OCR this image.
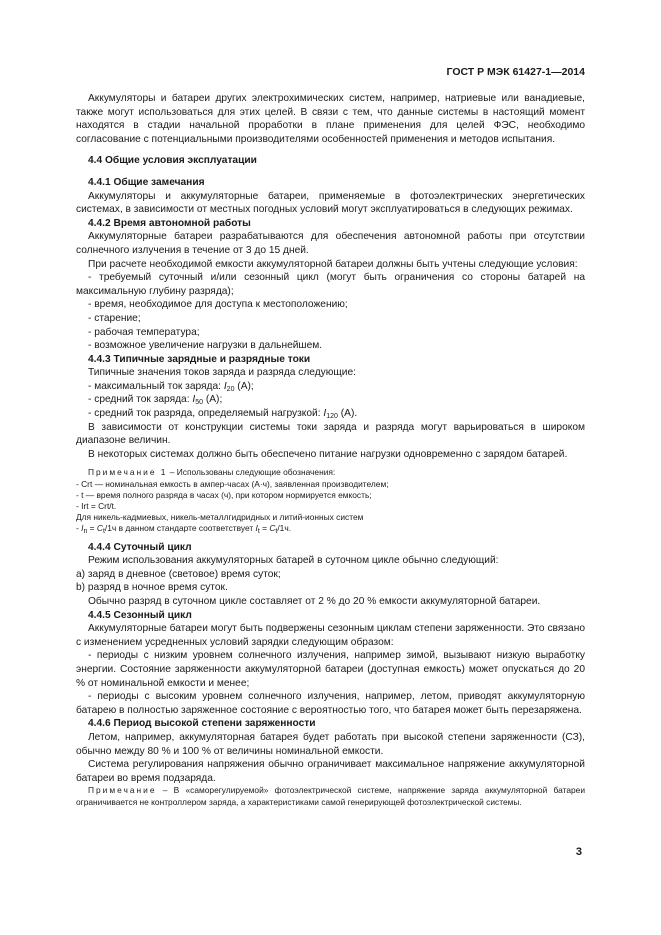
ГОСТ Р МЭК 61427-1—2014

Аккумуляторы и батареи других электрохимических систем, например, натриевые или ванадиевые, также могут использоваться для этих целей. В связи с тем, что данные системы в настоящий момент находятся в стадии начальной проработки в плане применения для целей ФЭС, необходимо согласование с потенциальными производителями особенностей применения и методов испытания.

4.4 Общие условия эксплуатации

4.4.1 Общие замечания

Аккумуляторы и аккумуляторные батареи, применяемые в фотоэлектрических энергетических системах, в зависимости от местных погодных условий могут эксплуатироваться в следующих режимах.

4.4.2 Время автономной работы

Аккумуляторные батареи разрабатываются для обеспечения автономной работы при отсутствии солнечного излучения в течение от 3 до 15 дней.

При расчете необходимой емкости аккумуляторной батареи должны быть учтены следующие условия:

- требуемый суточный и/или сезонный цикл (могут быть ограничения со стороны батарей на максимальную глубину разряда);

- время, необходимое для доступа к местоположению;

- старение;

- рабочая температура;

- возможное увеличение нагрузки в дальнейшем.

4.4.3 Типичные зарядные и разрядные токи

Типичные значения токов заряда и разряда следующие:

- максимальный ток заряда: $I_{20}$ (А);

- средний ток заряда: $I_{50}$ (А);

- средний ток разряда, определяемый нагрузкой: $I_{120}$ (А).

В зависимости от конструкции системы токи заряда и разряда могут варьироваться в широком диапазоне величин.

В некоторых системах должно быть обеспечено питание нагрузки одновременно с зарядом батарей.

Примечание 1 – Использованы следующие обозначения:

- Crt — номинальная емкость в ампер-часах (А·ч), заявленная производителем;

- t — время полного разряда в часах (ч), при котором нормируется емкость;

- Irt = Crt/t.

Для никель-кадмиевых, никель-металлгидридных и литий-ионных систем

- $I_n = C_t/1ч$ в данном стандарте соответствует $I_t = C_t/1ч$.

4.4.4 Суточный цикл

Режим использования аккумуляторных батарей в суточном цикле обычно следующий:

a) заряд в дневное (световое) время суток;

b) разряд в ночное время суток.

Обычно разряд в суточном цикле составляет от 2 % до 20 % емкости аккумуляторной батареи.

4.4.5 Сезонный цикл

Аккумуляторные батареи могут быть подвержены сезонным циклам степени заряженности. Это связано с изменением усредненных условий зарядки следующим образом:

- периоды с низким уровнем солнечного излучения, например зимой, вызывают низкую выработку энергии. Состояние заряженности аккумуляторной батареи (доступная емкость) может опускаться до 20 % от номинальной емкости и менее;

- периоды с высоким уровнем солнечного излучения, например, летом, приводят аккумуляторную батарею в полностью заряженное состояние с вероятностью того, что батарея может быть перезаряжена.

4.4.6 Период высокой степени заряженности

Летом, например, аккумуляторная батарея будет работать при высокой степени заряженности (СЗ), обычно между 80 % и 100 % от величины номинальной емкости.

Система регулирования напряжения обычно ограничивает максимальное напряжение аккумуляторной батареи во время подзаряда.

Примечание – В «саморегулируемой» фотоэлектрической системе, напряжение заряда аккумуляторной батареи ограничивается не контроллером заряда, а характеристиками самой генерирующей фотоэлектрической системы.

3
